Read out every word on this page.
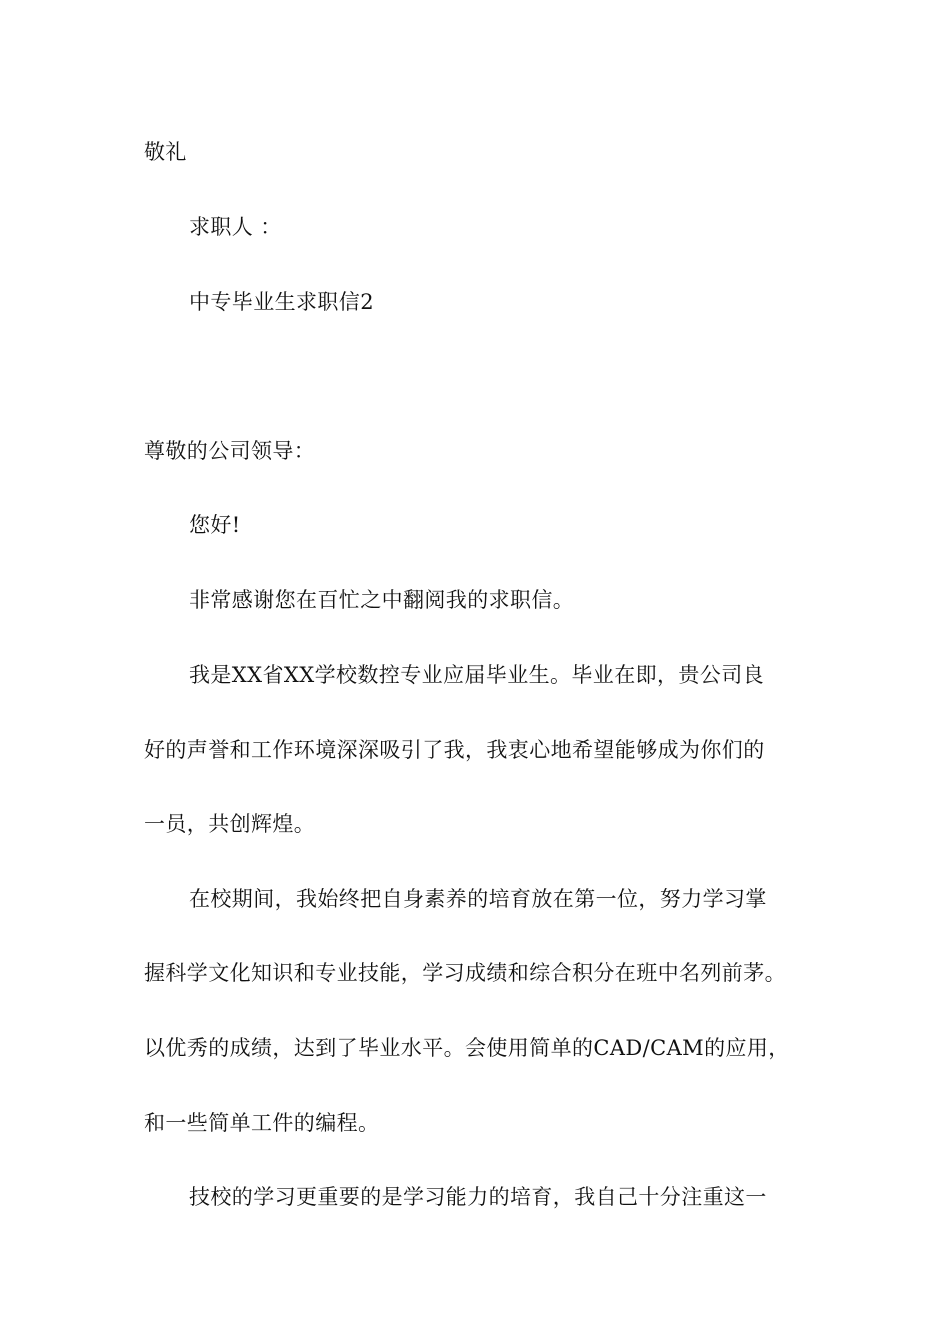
敬礼

求职人 ：

中专毕业生求职信2

尊敬的公司领导：

您好!

非常感谢您在百忙之中翻阅我的求职信。

我是XX省XX学校数控专业应届毕业生。毕业在即，贵公司良

好的声誉和工作环境深深吸引了我，我衷心地希望能够成为你们的

一员，共创辉煌。

在校期间，我始终把自身素养的培育放在第一位，努力学习掌

握科学文化知识和专业技能，学习成绩和综合积分在班中名列前茅。

以优秀的成绩，达到了毕业水平。会使用简单的CAD/CAM的应用，

和一些简单工件的编程。

技校的学习更重要的是学习能力的培育，我自己十分注重这一
